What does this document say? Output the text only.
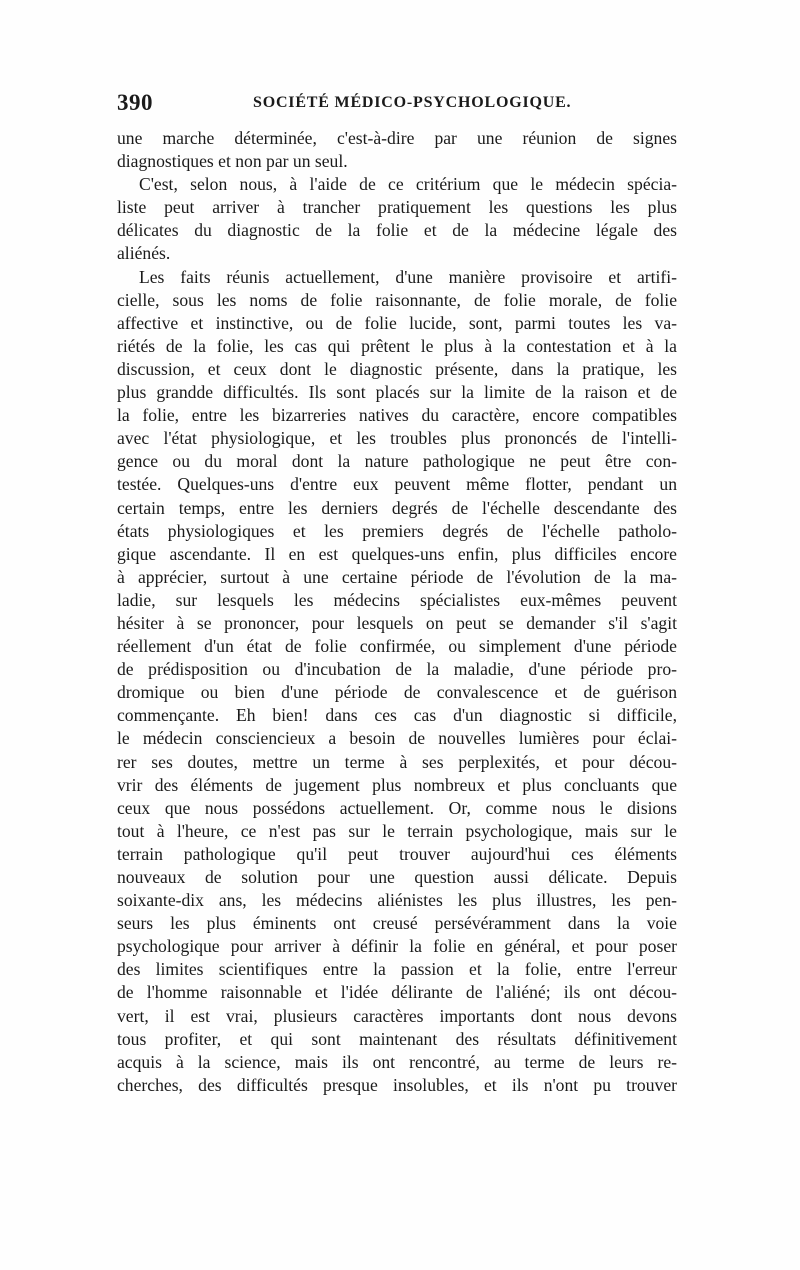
390	SOCIÉTÉ MÉDICO-PSYCHOLOGIQUE.
une marche déterminée, c'est-à-dire par une réunion de signes
diagnostiques et non par un seul.
C'est, selon nous, à l'aide de ce critérium que le médecin spécia-
liste peut arriver à trancher pratiquement les questions les plus
délicates du diagnostic de la folie et de la médecine légale des
aliénés.
Les faits réunis actuellement, d'une manière provisoire et artifi-
cielle, sous les noms de folie raisonnante, de folie morale, de folie
affective et instinctive, ou de folie lucide, sont, parmi toutes les va-
riétés de la folie, les cas qui prêtent le plus à la contestation et à la
discussion, et ceux dont le diagnostic présente, dans la pratique, les
plus grandde difficultés. Ils sont placés sur la limite de la raison et de
la folie, entre les bizarreries natives du caractère, encore compatibles
avec l'état physiologique, et les troubles plus prononcés de l'intelli-
gence ou du moral dont la nature pathologique ne peut être con-
testée. Quelques-uns d'entre eux peuvent même flotter, pendant un
certain temps, entre les derniers degrés de l'échelle descendante des
états physiologiques et les premiers degrés de l'échelle patholo-
gique ascendante. Il en est quelques-uns enfin, plus difficiles encore
à apprécier, surtout à une certaine période de l'évolution de la ma-
ladie, sur lesquels les médecins spécialistes eux-mêmes peuvent
hésiter à se prononcer, pour lesquels on peut se demander s'il s'agit
réellement d'un état de folie confirmée, ou simplement d'une période
de prédisposition ou d'incubation de la maladie, d'une période pro-
dromique ou bien d'une période de convalescence et de guérison
commençante. Eh bien! dans ces cas d'un diagnostic si difficile,
le médecin consciencieux a besoin de nouvelles lumières pour éclai-
rer ses doutes, mettre un terme à ses perplexités, et pour décou-
vrir des éléments de jugement plus nombreux et plus concluants que
ceux que nous possédons actuellement. Or, comme nous le disions
tout à l'heure, ce n'est pas sur le terrain psychologique, mais sur le
terrain pathologique qu'il peut trouver aujourd'hui ces éléments
nouveaux de solution pour une question aussi délicate. Depuis
soixante-dix ans, les médecins aliénistes les plus illustres, les pen-
seurs les plus éminents ont creusé persévéramment dans la voie
psychologique pour arriver à définir la folie en général, et pour poser
des limites scientifiques entre la passion et la folie, entre l'erreur
de l'homme raisonnable et l'idée délirante de l'aliéné; ils ont décou-
vert, il est vrai, plusieurs caractères importants dont nous devons
tous profiter, et qui sont maintenant des résultats définitivement
acquis à la science, mais ils ont rencontré, au terme de leurs re-
cherches, des difficultés presque insolubles, et ils n'ont pu trouver
